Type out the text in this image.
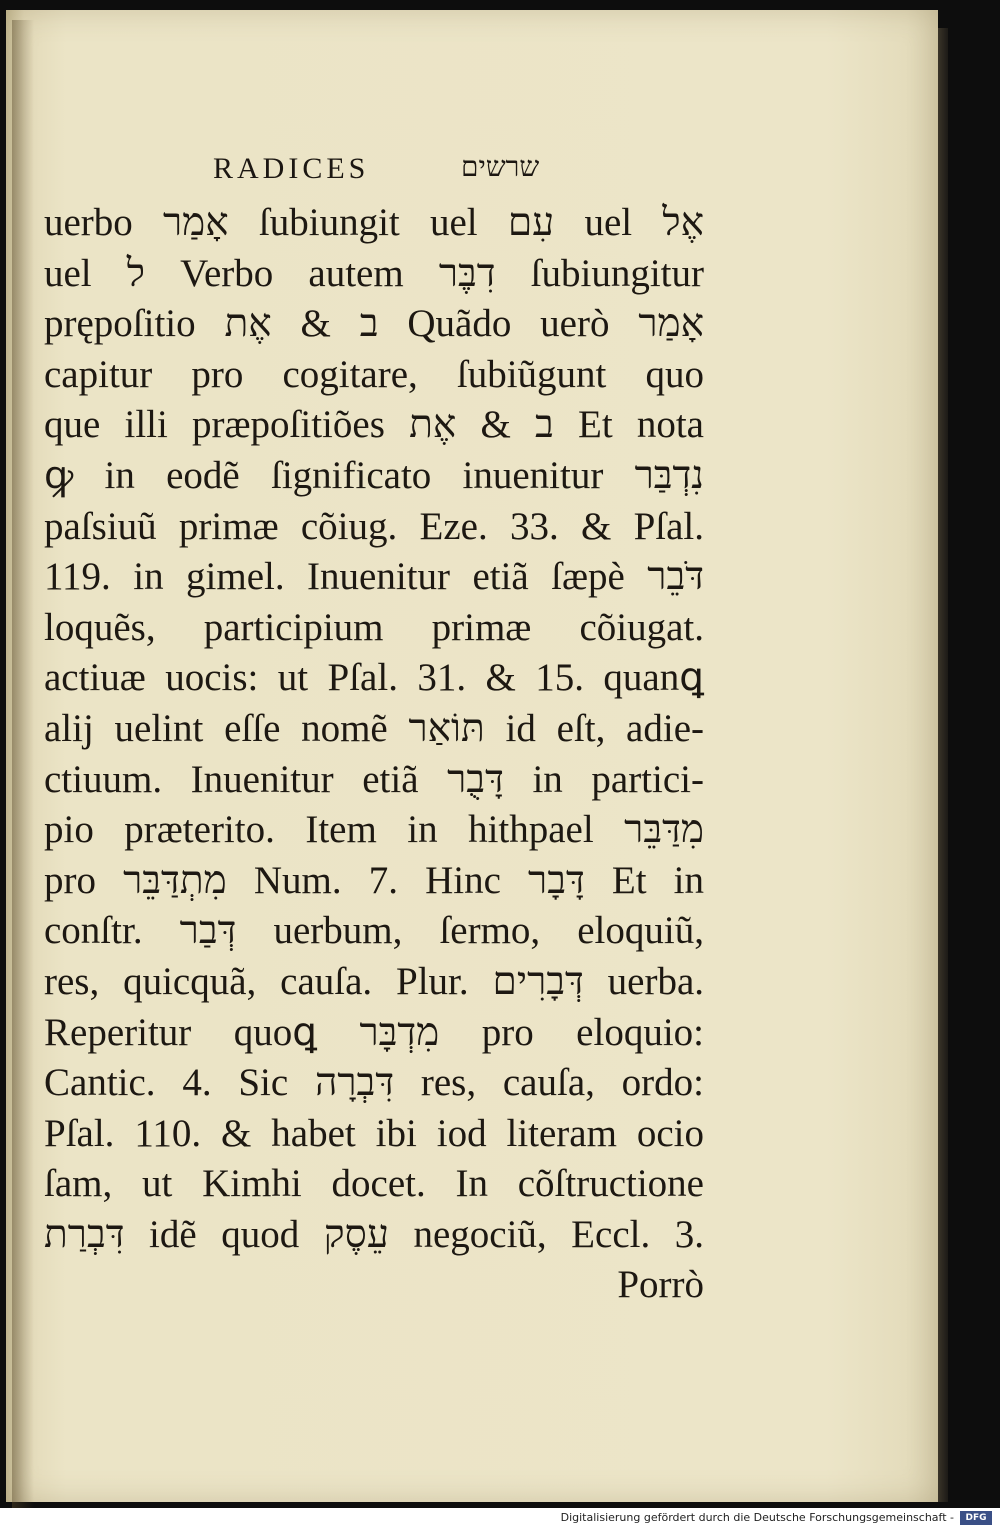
RADICES	שרשים
uerbo אָמַר ſubiungit uel עִם uel אֶל
uel ל Verbo autem דִבֶּר ſubiungitur
prępoſitio ב & אֶת Quãdo uerò אָמַר
capitur pro cogitare, ſubiũgunt quo
que illi præpoſitiões ב & אֶת Et nota
ꝙ in eodẽ ſignificato inuenitur נִדְבַּר
paſsiuũ primæ cõiug. Eze. 33. & Pſal.
119. in gimel. Inuenitur etiã ſæpè דֹּבֵר
loquẽs, participium primæ cõiugat.
actiuæ uocis: ut Pſal. 31. & 15. quanꝗ
alij uelint eſſe nomẽ תּוֹאַר id eſt, adie-
ctiuum. Inuenitur etiã דָּבֻר in partici-
pio præterito. Item in hithpael מִדַּבֵּר
pro מִתְדַּבֵּר Num. 7. Hinc דָּבָר Et in
conſtr. דְּבַר uerbum, ſermo, eloquiũ,
res, quicquã, cauſa. Plur. דְּבָרִים uerba.
Reperitur quoꝗ מִדְבָּר pro eloquio:
Cantic. 4. Sic דִּבְרָה res, cauſa, ordo:
Pſal. 110. & habet ibi iod literam ocio
ſam, ut Kimhi docet. In cõſtructione
דִּבְרַת idẽ quod עֵסֶק negociũ, Eccl. 3.
Porrò
Digitalisierung gefördert durch die Deutsche Forschungsgemeinschaft -	DFG
